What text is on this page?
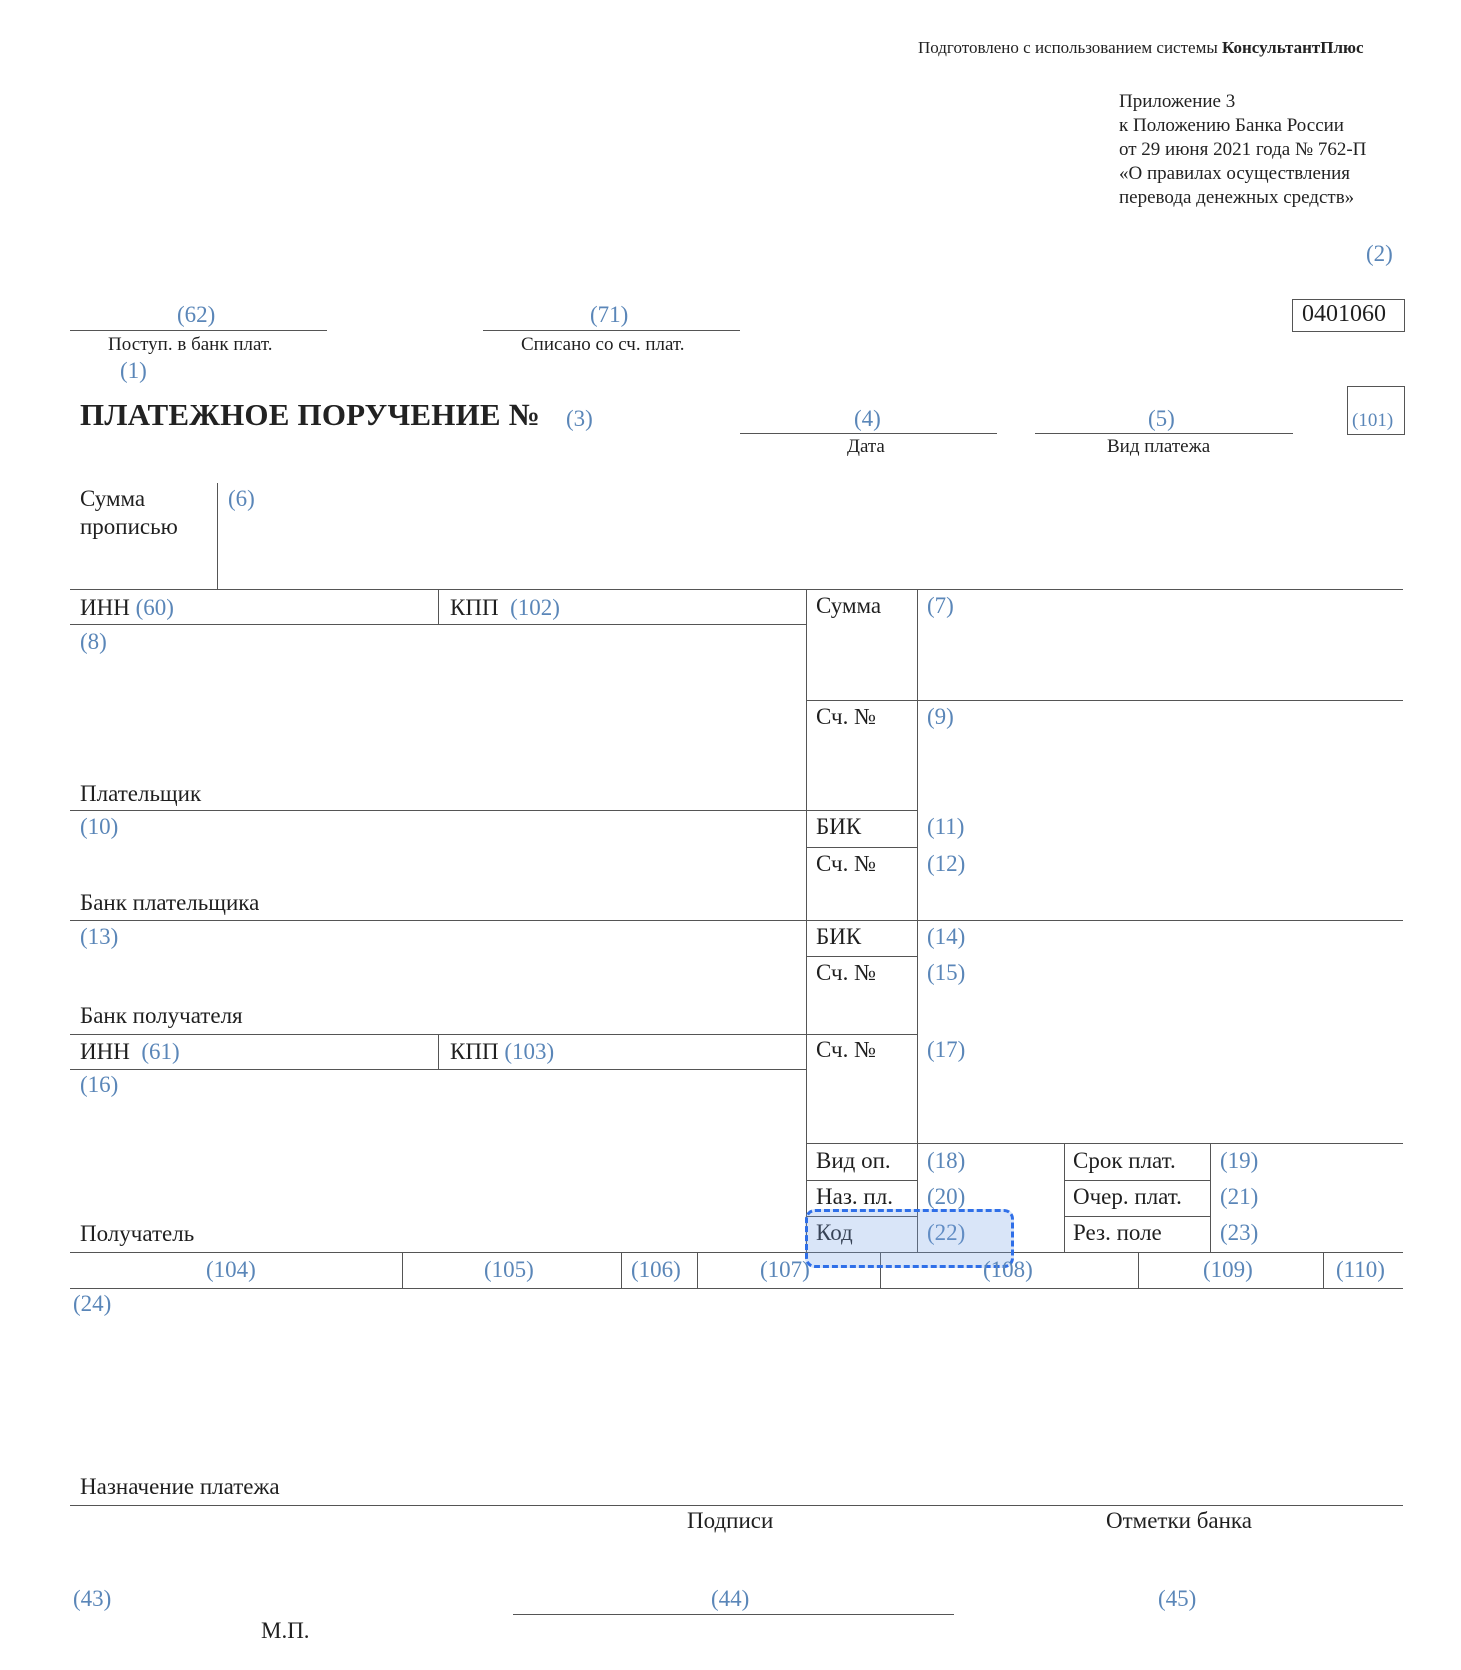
Подготовлено с использованием системы КонсультантПлюс
Приложение 3
к Положению Банка России
от 29 июня 2021 года № 762-П
«О правилах осуществления
перевода денежных средств»
(2)
(62)
Поступ. в банк плат.
(1)
(71)
Списано со сч. плат.
0401060
ПЛАТЕЖНОЕ ПОРУЧЕНИЕ № (3)	(4)
Дата
(5)
Вид платежа
(101)
Сумма
прописью
(6)
ИНН (60)	КПП (102)
(8)
Плательщик
Сумма (7)
Сч. № (9)
(10)
Банк плательщика
БИК	(11)
Сч. № (12)
(13)
Банк получателя
БИК	(14)
Сч. № (15)
ИНН (61)	КПП (103)
(16)
Сч. № (17)
Получатель
Вид оп. (18)	Срок плат. (19)
Наз. пл. (20)	Очер. плат. (21)
Код	(22)	Рез. поле	(23)
(104)	(105)	(106)	(107)	(108)	(109)	(110)
(24)
Назначение платежа
Подписи	Отметки банка
(43)	(44)	(45)
М.П.
